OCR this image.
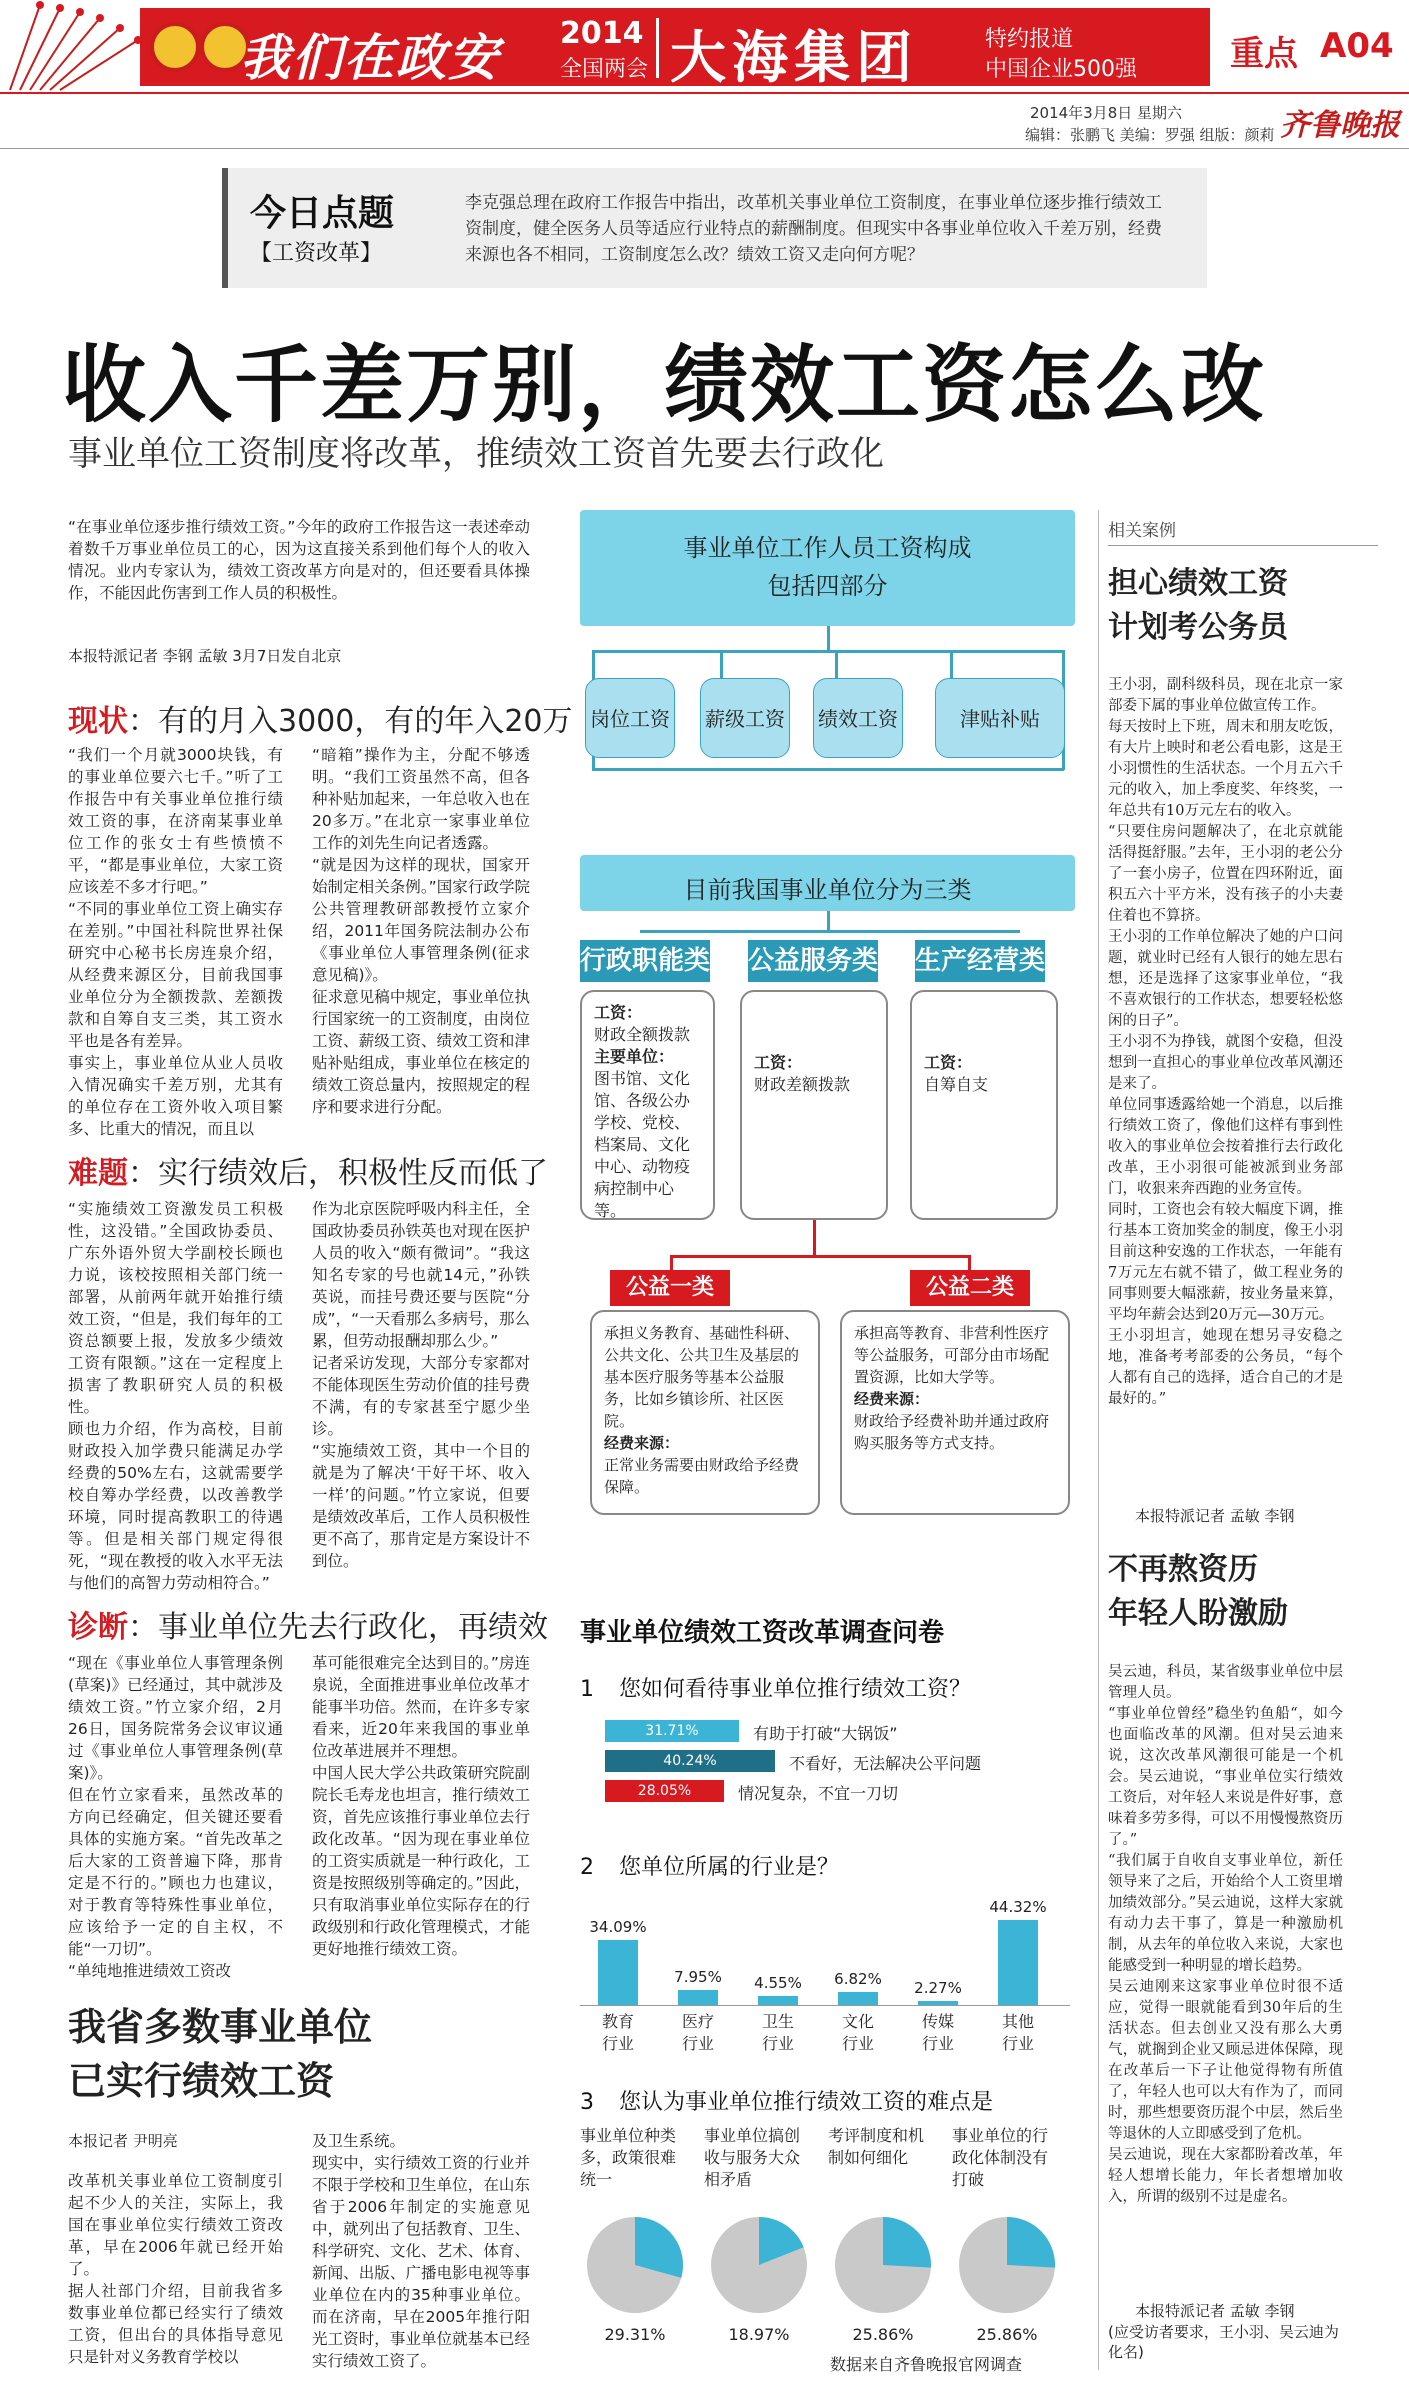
我们在政安 2014
全国两会 大海集团	特约报道
中国企业500强	重点 A04
2014年3月8日 星期六
编辑：张鹏飞 美编：罗强 组版：颜莉 齐鲁晚报
今日点题
【工资改革】
李克强总理在政府工作报告中指出，改革机关事业单位工资制度，在事业单位逐步推行绩效工资制度，健全医务人员等适应行业特点的薪酬制度。但现实中各事业单位收入千差万别，经费来源也各不相同，工资制度怎么改？绩效工资又走向何方呢？
收入千差万别，绩效工资怎么改
事业单位工资制度将改革，推绩效工资首先要去行政化
“在事业单位逐步推行绩效工资。”今年的政府工作报告这一表述牵动着数千万事业单位员工的心，因为这直接关系到他们每个人的收入情况。业内专家认为，绩效工资改革方向是对的，但还要看具体操作，不能因此伤害到工作人员的积极性。
本报特派记者 李钢 孟敏 3月7日发自北京
现状：有的月入3000，有的年入20万
“我们一个月就3000块钱，有的事业单位要六七千。”听了工作报告中有关事业单位推行绩效工资的事，在济南某事业单位工作的张女士有些愤愤不平，“都是事业单位，大家工资应该差不多才行吧。”
“不同的事业单位工资上确实存在差别。”中国社科院世界社保研究中心秘书长房连泉介绍，从经费来源区分，目前我国事业单位分为全额拨款、差额拨款和自筹自支三类，其工资水平也是各有差异。
事实上，事业单位从业人员收入情况确实千差万别，尤其有的单位存在工资外收入项目繁多、比重大的情况，而且以
“暗箱”操作为主，分配不够透明。“我们工资虽然不高，但各种补贴加起来，一年总收入也在20多万。”在北京一家事业单位工作的刘先生向记者透露。
“就是因为这样的现状，国家开始制定相关条例。”国家行政学院公共管理教研部教授竹立家介绍，2011年国务院法制办公布《事业单位人事管理条例(征求意见稿)》。
征求意见稿中规定，事业单位执行国家统一的工资制度，由岗位工资、薪级工资、绩效工资和津贴补贴组成，事业单位在核定的绩效工资总量内，按照规定的程序和要求进行分配。
难题：实行绩效后，积极性反而低了
“实施绩效工资激发员工积极性，这没错。”全国政协委员、广东外语外贸大学副校长顾也力说，该校按照相关部门统一部署，从前两年就开始推行绩效工资，“但是，我们每年的工资总额要上报，发放多少绩效工资有限额。”这在一定程度上损害了教职研究人员的积极性。
顾也力介绍，作为高校，目前财政投入加学费只能满足办学经费的50%左右，这就需要学校自筹办学经费，以改善教学环境，同时提高教职工的待遇等。但是相关部门规定得很死，“现在教授的收入水平无法与他们的高智力劳动相符合。”
作为北京医院呼吸内科主任，全国政协委员孙铁英也对现在医护人员的收入“颇有微词”。“我这知名专家的号也就14元，”孙铁英说，而挂号费还要与医院“分成”，“一天看那么多病号，那么累，但劳动报酬却那么少。”
记者采访发现，大部分专家都对不能体现医生劳动价值的挂号费不满，有的专家甚至宁愿少坐诊。
“实施绩效工资，其中一个目的就是为了解决‘干好干坏、收入一样’的问题。”竹立家说，但要是绩效改革后，工作人员积极性更不高了，那肯定是方案设计不到位。
诊断：事业单位先去行政化，再绩效
“现在《事业单位人事管理条例(草案)》已经通过，其中就涉及绩效工资。”竹立家介绍，2月26日，国务院常务会议审议通过《事业单位人事管理条例(草案)》。
但在竹立家看来，虽然改革的方向已经确定，但关键还要看具体的实施方案。“首先改革之后大家的工资普遍下降，那肯定是不行的。”顾也力也建议，对于教育等特殊性事业单位，应该给予一定的自主权，不能“一刀切”。
“单纯地推进绩效工资改
革可能很难完全达到目的。”房连泉说，全面推进事业单位改革才能事半功倍。然而，在许多专家看来，近20年来我国的事业单位改革进展并不理想。
中国人民大学公共政策研究院副院长毛寿龙也坦言，推行绩效工资，首先应该推行事业单位去行政化改革。“因为现在事业单位的工资实质就是一种行政化，工资是按照级别等确定的。”因此，只有取消事业单位实际存在的行政级别和行政化管理模式，才能更好地推行绩效工资。
我省多数事业单位
已实行绩效工资
本报记者 尹明亮
改革机关事业单位工资制度引起不少人的关注，实际上，我国在事业单位实行绩效工资改革，早在2006年就已经开始了。
据人社部门介绍，目前我省多数事业单位都已经实行了绩效工资，但出台的具体指导意见只是针对义务教育学校以
及卫生系统。
现实中，实行绩效工资的行业并不限于学校和卫生单位，在山东省于2006年制定的实施意见中，就列出了包括教育、卫生、科学研究、文化、艺术、体育、新闻、出版、广播电影电视等事业单位在内的35种事业单位。而在济南，早在2005年推行阳光工资时，事业单位就基本已经实行绩效工资了。
事业单位工作人员工资构成
包括四部分
岗位工资 薪级工资 绩效工资	津贴补贴
目前我国事业单位分为三类
行政职能类 公益服务类 生产经营类
工资：
财政全额拨款
主要单位：
图书馆、文化馆、各级公办学校、党校、档案局、文化中心、动物疫病控制中心等。
工资：
财政差额拨款
工资：
自筹自支
公益一类	公益二类
承担义务教育、基础性科研、公共文化、公共卫生及基层的基本医疗服务等基本公益服务，比如乡镇诊所、社区医院。
经费来源：
正常业务需要由财政给予经费保障。
承担高等教育、非营利性医疗等公益服务，可部分由市场配置资源，比如大学等。
经费来源：
财政给予经费补助并通过政府购买服务等方式支持。
事业单位绩效工资改革调查问卷
1 您如何看待事业单位推行绩效工资？
31.71%	有助于打破“大锅饭”
40.24%	不看好，无法解决公平问题
28.05%	情况复杂，不宜一刀切
2 您单位所属的行业是？
34.09%
教育
行业
7.95%
医疗
行业
4.55%
卫生
行业
6.82%
文化
行业
2.27%
传媒
行业
44.32%
其他
行业
3 您认为事业单位推行绩效工资的难点是
事业单位种类多，政策很难统一
29.31%
事业单位搞创收与服务大众相矛盾
18.97%
考评制度和机制如何细化
25.86%
事业单位的行政化体制没有打破
25.86%
数据来自齐鲁晚报官网调查
相关案例
担心绩效工资
计划考公务员
王小羽，副科级科员，现在北京一家部委下属的事业单位做宣传工作。
每天按时上下班，周末和朋友吃饭，有大片上映时和老公看电影，这是王小羽惯性的生活状态。一个月五六千元的收入，加上季度奖、年终奖，一年总共有10万元左右的收入。
“只要住房问题解决了，在北京就能活得挺舒服。”去年，王小羽的老公分了一套小房子，位置在四环附近，面积五六十平方米，没有孩子的小夫妻住着也不算挤。
王小羽的工作单位解决了她的户口问题，就业时已经有人银行的她左思右想，还是选择了这家事业单位，“我不喜欢银行的工作状态，想要轻松悠闲的日子”。
王小羽不为挣钱，就图个安稳，但没想到一直担心的事业单位改革风潮还是来了。
单位同事透露给她一个消息，以后推行绩效工资了，像他们这样有事到性收入的事业单位会按着推行去行政化改革，王小羽很可能被派到业务部门，收狠来奔西跑的业务宣传。
同时，工资也会有较大幅度下调，推行基本工资加奖金的制度，像王小羽目前这种安逸的工作状态，一年能有7万元左右就不错了，做工程业务的同事则要大幅涨薪，按业务量来算，平均年薪会达到20万元—30万元。
王小羽坦言，她现在想另寻安稳之地，准备考考部委的公务员，“每个人都有自己的选择，适合自己的才是最好的。”
本报特派记者 孟敏 李钢
不再熬资历
年轻人盼激励
吴云迪，科员，某省级事业单位中层管理人员。
“事业单位曾经”稳坐钓鱼船“，如今也面临改革的风潮。但对吴云迪来说，这次改革风潮很可能是一个机会。吴云迪说，“事业单位实行绩效工资后，对年轻人来说是件好事，意味着多劳多得，可以不用慢慢熬资历了。”
“我们属于自收自支事业单位，新任领导来了之后，开始给个人工资里增加绩效部分。”吴云迪说，这样大家就有动力去干事了，算是一种激励机制，从去年的单位收入来说，大家也能感受到一种明显的增长趋势。
吴云迪刚来这家事业单位时很不适应，觉得一眼就能看到30年后的生活状态。但去创业又没有那么大勇气，就搁到企业又顾忌进体保障，现在改革后一下子让他觉得物有所值了，年轻人也可以大有作为了，而同时，那些想要资历混个中层，然后坐等退休的人立即感受到了危机。
吴云迪说，现在大家都盼着改革，年轻人想增长能力，年长者想增加收入，所谓的级别不过是虚名。
本报特派记者 孟敏 李钢
(应受访者要求，王小羽、吴云迪为化名)
